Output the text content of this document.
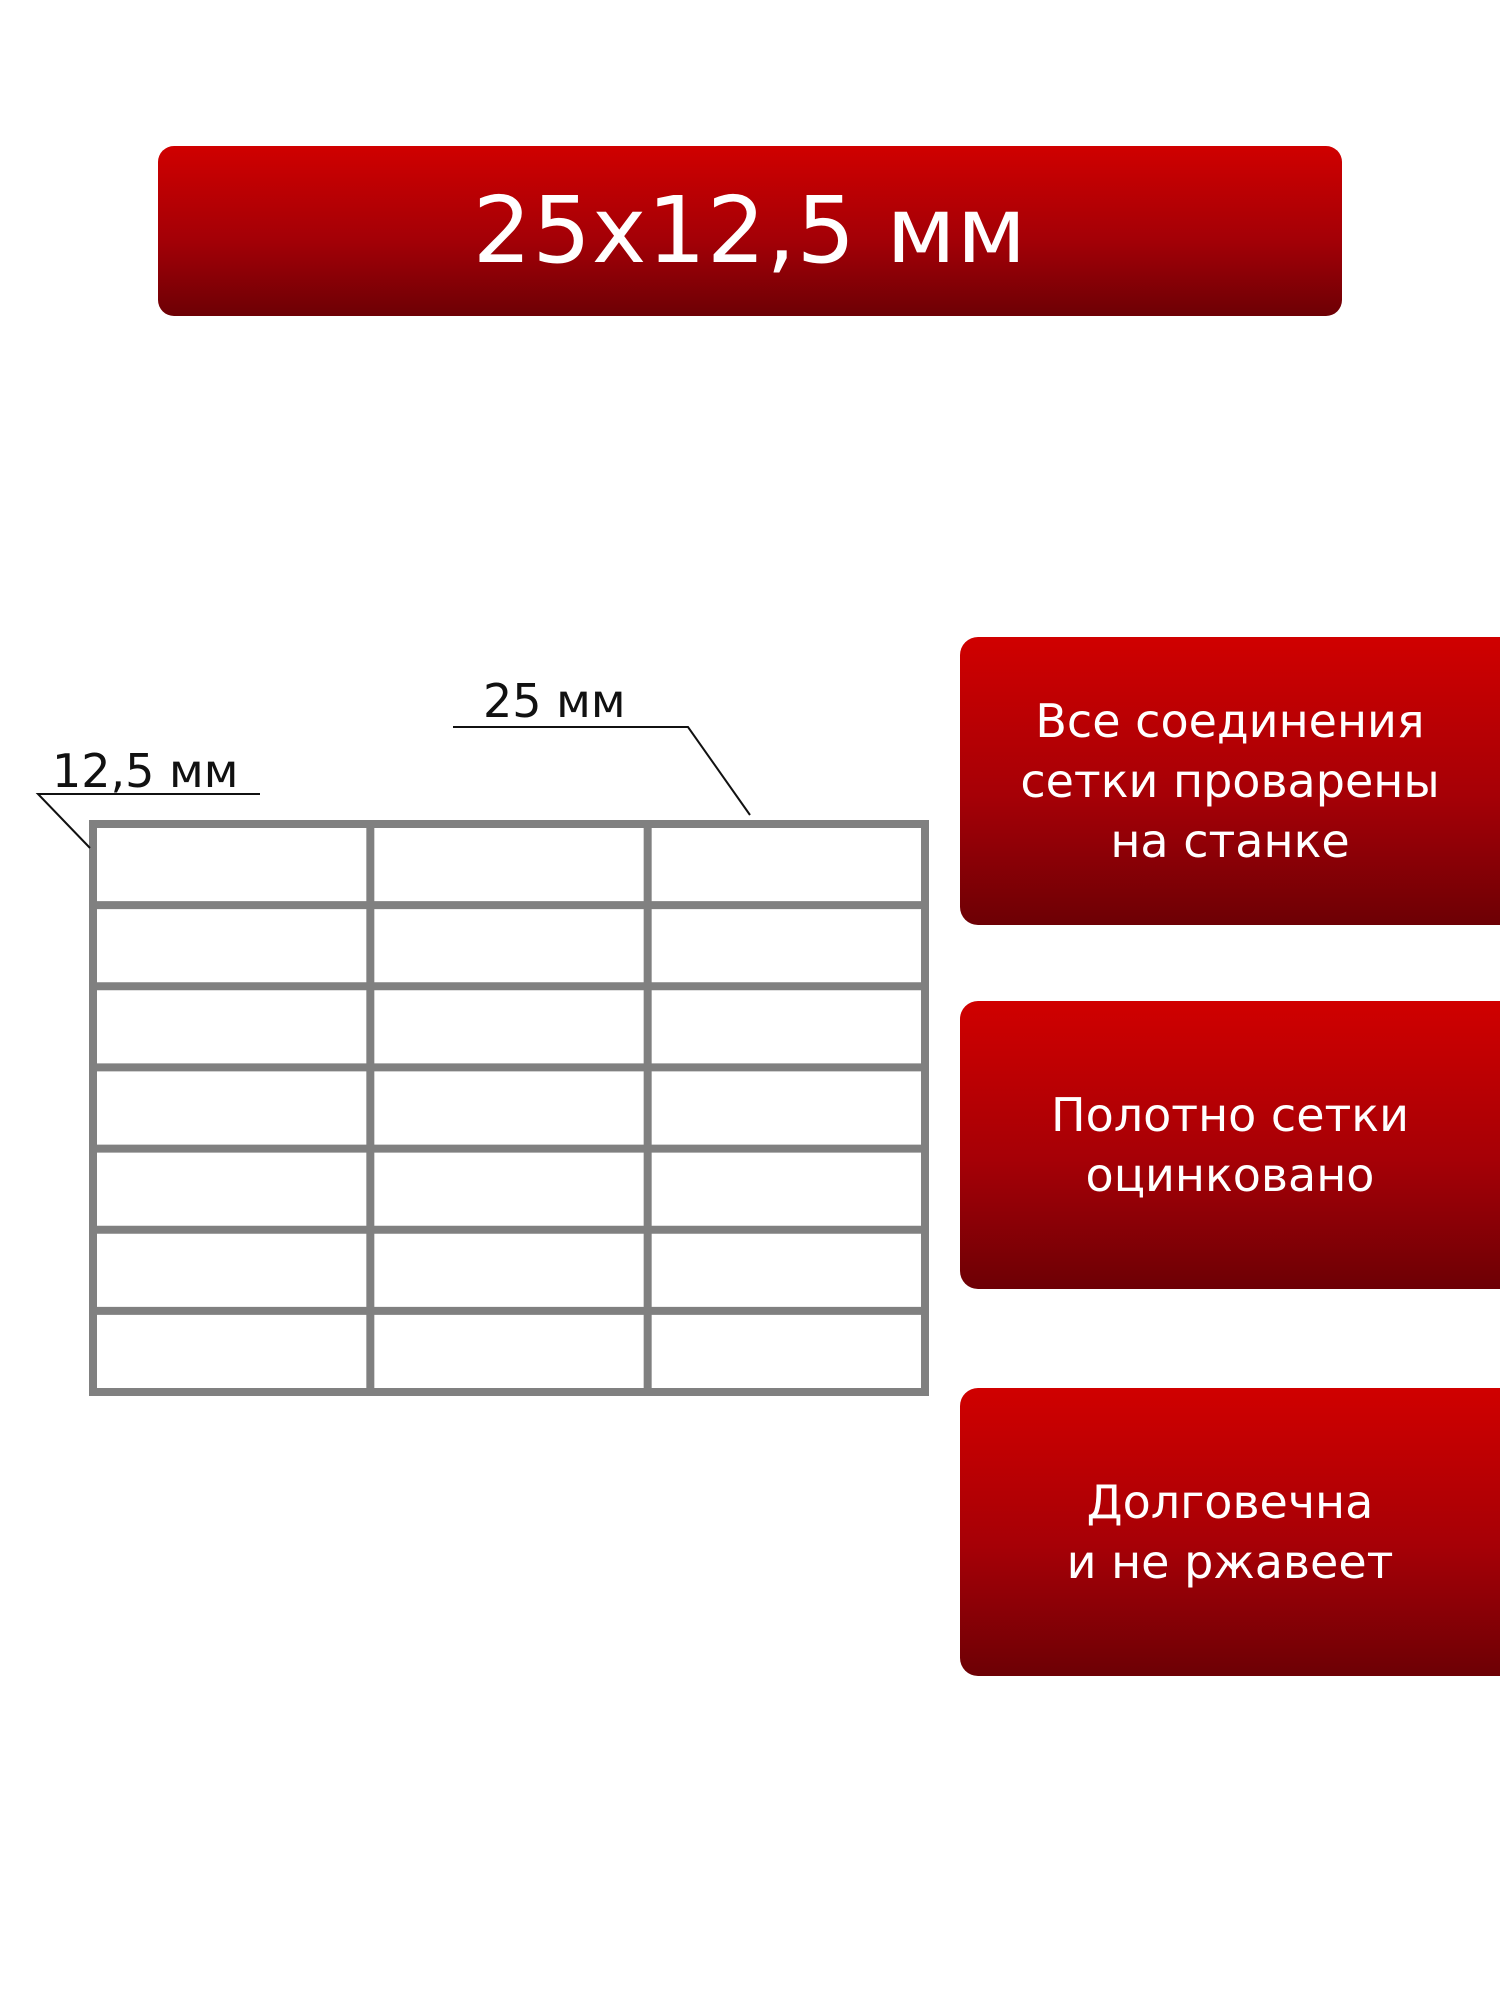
25x12,5 мм
25 мм
12,5 мм
Все соединения
сетки проварены
на станке
Полотно сетки
оцинковано
Долговечна
и не ржавеет
